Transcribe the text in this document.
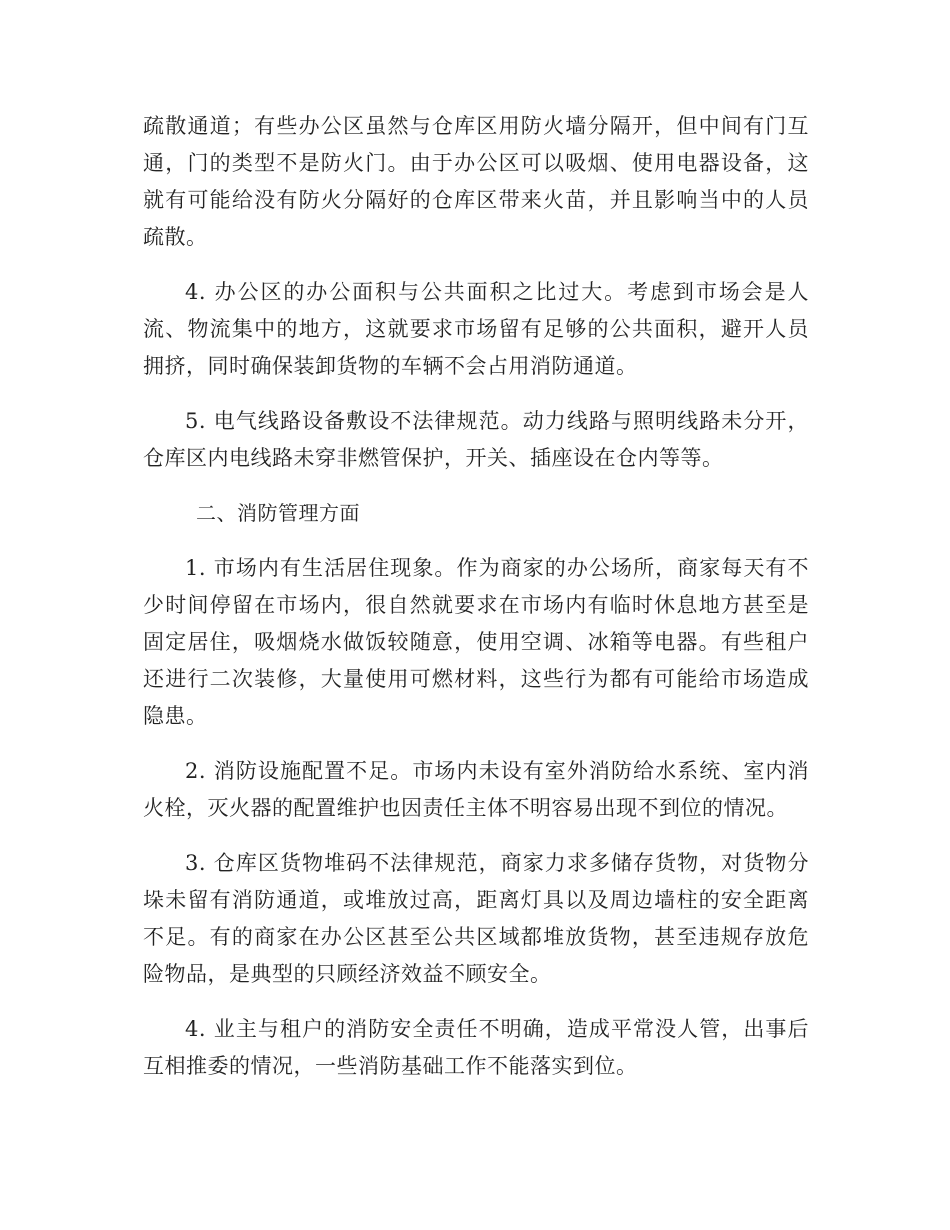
疏散通道；有些办公区虽然与仓库区用防火墙分隔开，但中间有门互通，门的类型不是防火门。由于办公区可以吸烟、使用电器设备，这就有可能给没有防火分隔好的仓库区带来火苗，并且影响当中的人员疏散。

4. 办公区的办公面积与公共面积之比过大。考虑到市场会是人流、物流集中的地方，这就要求市场留有足够的公共面积，避开人员拥挤，同时确保装卸货物的车辆不会占用消防通道。

5. 电气线路设备敷设不法律规范。动力线路与照明线路未分开，仓库区内电线路未穿非燃管保护，开关、插座设在仓内等等。

二、消防管理方面

1. 市场内有生活居住现象。作为商家的办公场所，商家每天有不少时间停留在市场内，很自然就要求在市场内有临时休息地方甚至是固定居住，吸烟烧水做饭较随意，使用空调、冰箱等电器。有些租户还进行二次装修，大量使用可燃材料，这些行为都有可能给市场造成隐患。

2. 消防设施配置不足。市场内未设有室外消防给水系统、室内消火栓，灭火器的配置维护也因责任主体不明容易出现不到位的情况。

3. 仓库区货物堆码不法律规范，商家力求多储存货物，对货物分垛未留有消防通道，或堆放过高，距离灯具以及周边墙柱的安全距离不足。有的商家在办公区甚至公共区域都堆放货物，甚至违规存放危险物品，是典型的只顾经济效益不顾安全。

4. 业主与租户的消防安全责任不明确，造成平常没人管，出事后互相推委的情况，一些消防基础工作不能落实到位。
